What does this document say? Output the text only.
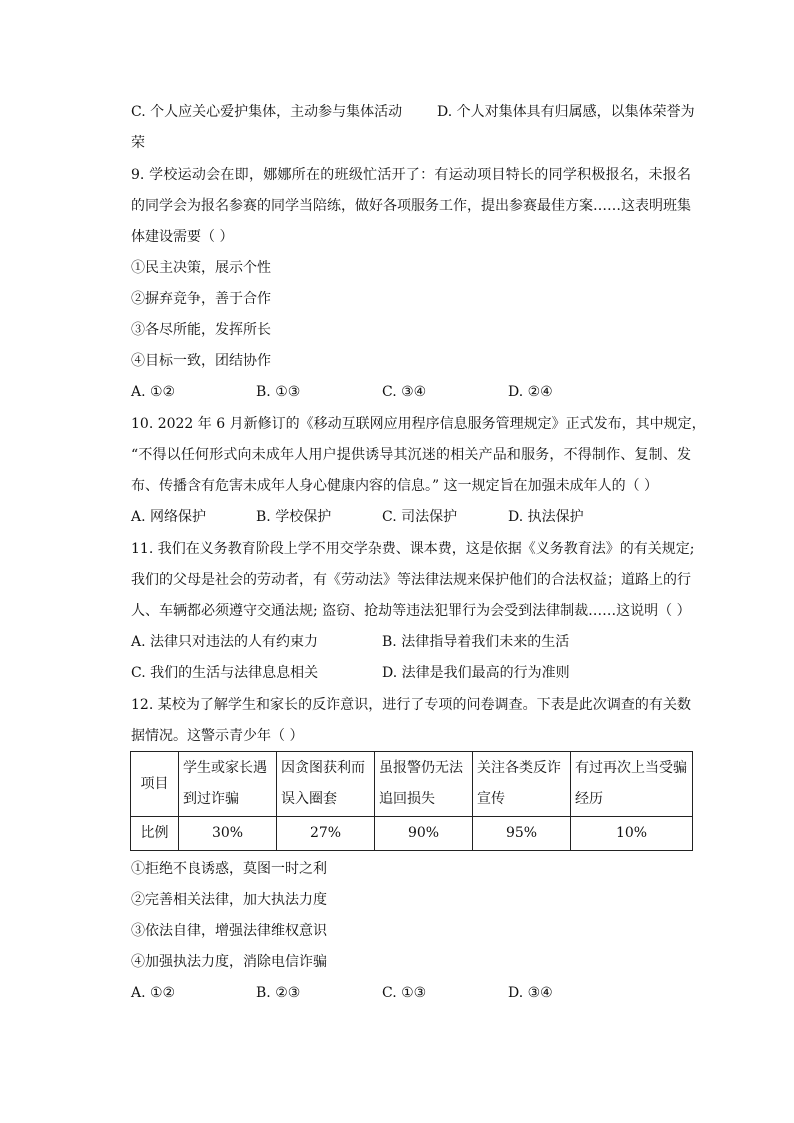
C. 个人应关心爱护集体，主动参与集体活动 D. 个人对集体具有归属感，以集体荣誉为
荣
9. 学校运动会在即，娜娜所在的班级忙活开了：有运动项目特长的同学积极报名，未报名
的同学会为报名参赛的同学当陪练，做好各项服务工作，提出参赛最佳方案……这表明班集
体建设需要（ ）
①民主决策，展示个性
②摒弃竞争，善于合作
③各尽所能，发挥所长
④目标一致，团结协作
A. ①②	B. ①③	C. ③④	D. ②④
10. 2022 年 6 月新修订的《移动互联网应用程序信息服务管理规定》正式发布，其中规定，
“不得以任何形式向未成年人用户提供诱导其沉迷的相关产品和服务，不得制作、复制、发
布、传播含有危害未成年人身心健康内容的信息。” 这一规定旨在加强未成年人的（ ）
A. 网络保护	B. 学校保护	C. 司法保护	D. 执法保护
11. 我们在义务教育阶段上学不用交学杂费、课本费，这是依据《义务教育法》的有关规定;
我们的父母是社会的劳动者，有《劳动法》等法律法规来保护他们的合法权益；道路上的行
人、车辆都必须遵守交通法规; 盗窃、抢劫等违法犯罪行为会受到法律制裁……这说明（ ）
A. 法律只对违法的人有约束力	B. 法律指导着我们未来的生活
C. 我们的生活与法律息息相关	D. 法律是我们最高的行为准则
12. 某校为了解学生和家长的反诈意识，进行了专项的问卷调查。下表是此次调查的有关数
据情况。这警示青少年（ ）
项目	学生或家长遇到过诈骗	因贪图获利而误入圈套	虽报警仍无法追回损失	关注各类反诈宣传	有过再次上当受骗经历
比例	30%	27%	90%	95%	10%
①拒绝不良诱惑，莫图一时之利
②完善相关法律，加大执法力度
③依法自律，增强法律维权意识
④加强执法力度，消除电信诈骗
A. ①②	B. ②③	C. ①③	D. ③④
